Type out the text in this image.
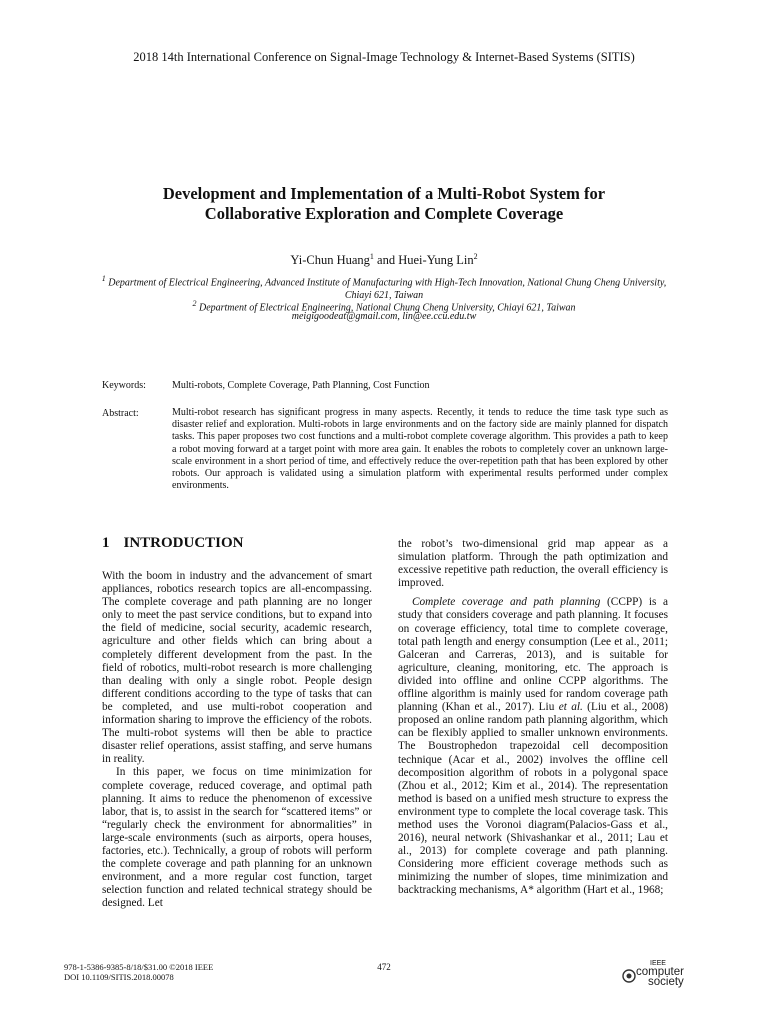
2018 14th International Conference on Signal-Image Technology & Internet-Based Systems (SITIS)
Development and Implementation of a Multi-Robot System for
Collaborative Exploration and Complete Coverage
Yi-Chun Huang$^1$ and Huei-Yung Lin$^2$
$^1$ Department of Electrical Engineering, Advanced Institute of Manufacturing with High-Tech Innovation, National Chung Cheng University, Chiayi 621, Taiwan
$^2$ Department of Electrical Engineering, National Chung Cheng University, Chiayi 621, Taiwan
meigigoodeat@gmail.com, lin@ee.ccu.edu.tw
Keywords:	Multi-robots, Complete Coverage, Path Planning, Cost Function
Abstract:	Multi-robot research has significant progress in many aspects. Recently, it tends to reduce the time task type such as disaster relief and exploration. Multi-robots in large environments and on the factory side are mainly planned for dispatch tasks. This paper proposes two cost functions and a multi-robot complete coverage algorithm. This provides a path to keep a robot moving forward at a target point with more area gain. It enables the robots to completely cover an unknown large-scale environment in a short period of time, and effectively reduce the over-repetition path that has been explored by other robots. Our approach is validated using a simulation platform with experimental results performed under complex environments.
1 INTRODUCTION

With the boom in industry and the advancement of smart appliances, robotics research topics are all-encompassing. The complete coverage and path planning are no longer only to meet the past service conditions, but to expand into the field of medicine, social security, academic research, agriculture and other fields which can bring about a completely different development from the past. In the field of robotics, multi-robot research is more challenging than dealing with only a single robot. People design different conditions according to the type of tasks that can be completed, and use multi-robot cooperation and information sharing to improve the efficiency of the robots. The multi-robot systems will then be able to practice disaster relief operations, assist staffing, and serve humans in reality.

In this paper, we focus on time minimization for complete coverage, reduced coverage, and optimal path planning. It aims to reduce the phenomenon of excessive labor, that is, to assist in the search for “scattered items” or “regularly check the environment for abnormalities” in large-scale environments (such as airports, opera houses, factories, etc.). Technically, a group of robots will perform the complete coverage and path planning for an unknown environment, and a more regular cost function, target selection function and related technical strategy should be designed. Let

the robot’s two-dimensional grid map appear as a simulation platform. Through the path optimization and excessive repetitive path reduction, the overall efficiency is improved.

Complete coverage and path planning (CCPP) is a study that considers coverage and path planning. It focuses on coverage efficiency, total time to complete coverage, total path length and energy consumption (Lee et al., 2011; Galceran and Carreras, 2013), and is suitable for agriculture, cleaning, monitoring, etc. The approach is divided into offline and online CCPP algorithms. The offline algorithm is mainly used for random coverage path planning (Khan et al., 2017). Liu et al. (Liu et al., 2008) proposed an online random path planning algorithm, which can be flexibly applied to smaller unknown environments. The Boustrophedon trapezoidal cell decomposition technique (Acar et al., 2002) involves the offline cell decomposition algorithm of robots in a polygonal space (Zhou et al., 2012; Kim et al., 2014). The representation method is based on a unified mesh structure to express the environment type to complete the local coverage task. This method uses the Voronoi diagram(Palacios-Gass et al., 2016), neural network (Shivashankar et al., 2011; Lau et al., 2013) for complete coverage and path planning. Considering more efficient coverage methods such as minimizing the number of slopes, time minimization and backtracking mechanisms, A* algorithm (Hart et al., 1968;

978-1-5386-9385-8/18/$31.00 ©2018 IEEE
DOI 10.1109/SITIS.2018.00078
472	IEEE
computer
society
